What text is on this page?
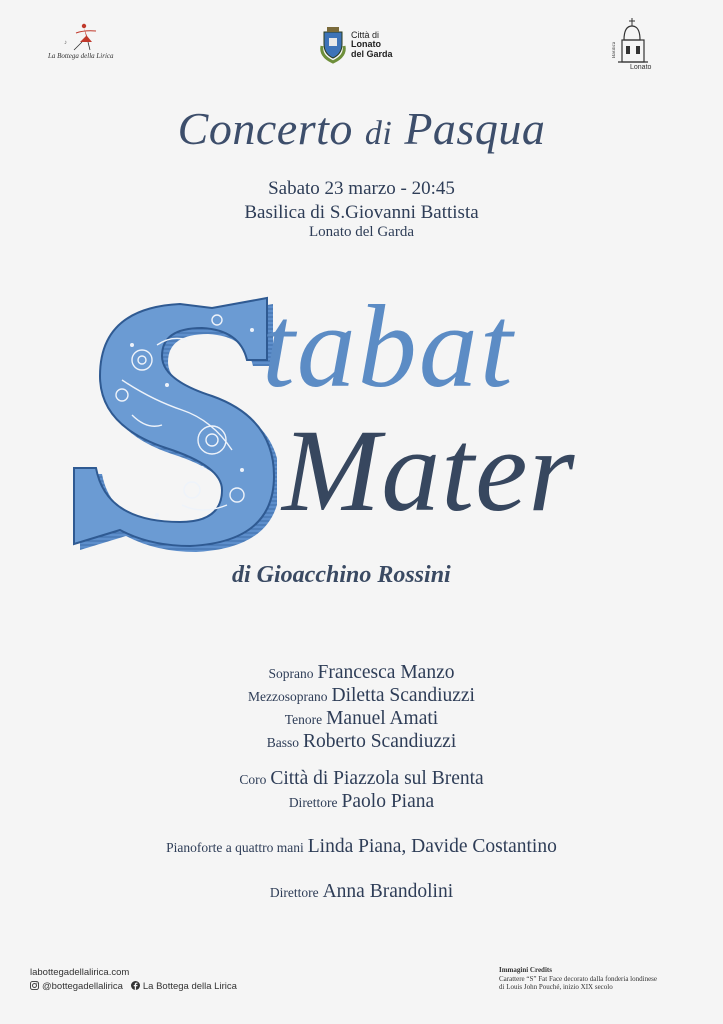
♪
La Bottega della Lirica
Città di
Lonato
del Garda	Basilica
Lonato
Concerto di Pasqua
Sabato 23 marzo - 20:45
Basilica di S.Giovanni Battista
Lonato del Garda
tabat
Mater
di Gioacchino Rossini
Soprano Francesca Manzo
Mezzosoprano Diletta Scandiuzzi
Tenore Manuel Amati
Basso Roberto Scandiuzzi
Coro Città di Piazzola sul Brenta
Direttore Paolo Piana
Pianoforte a quattro mani Linda Piana, Davide Costantino
Direttore Anna Brandolini
labottegadellalirica.com
@bottegadellalirica La Bottega della Lirica
Immagini Credits
Carattere “S” Fat Face decorato dalla fonderia londinese
di Louis John Pouché, inizio XIX secolo
